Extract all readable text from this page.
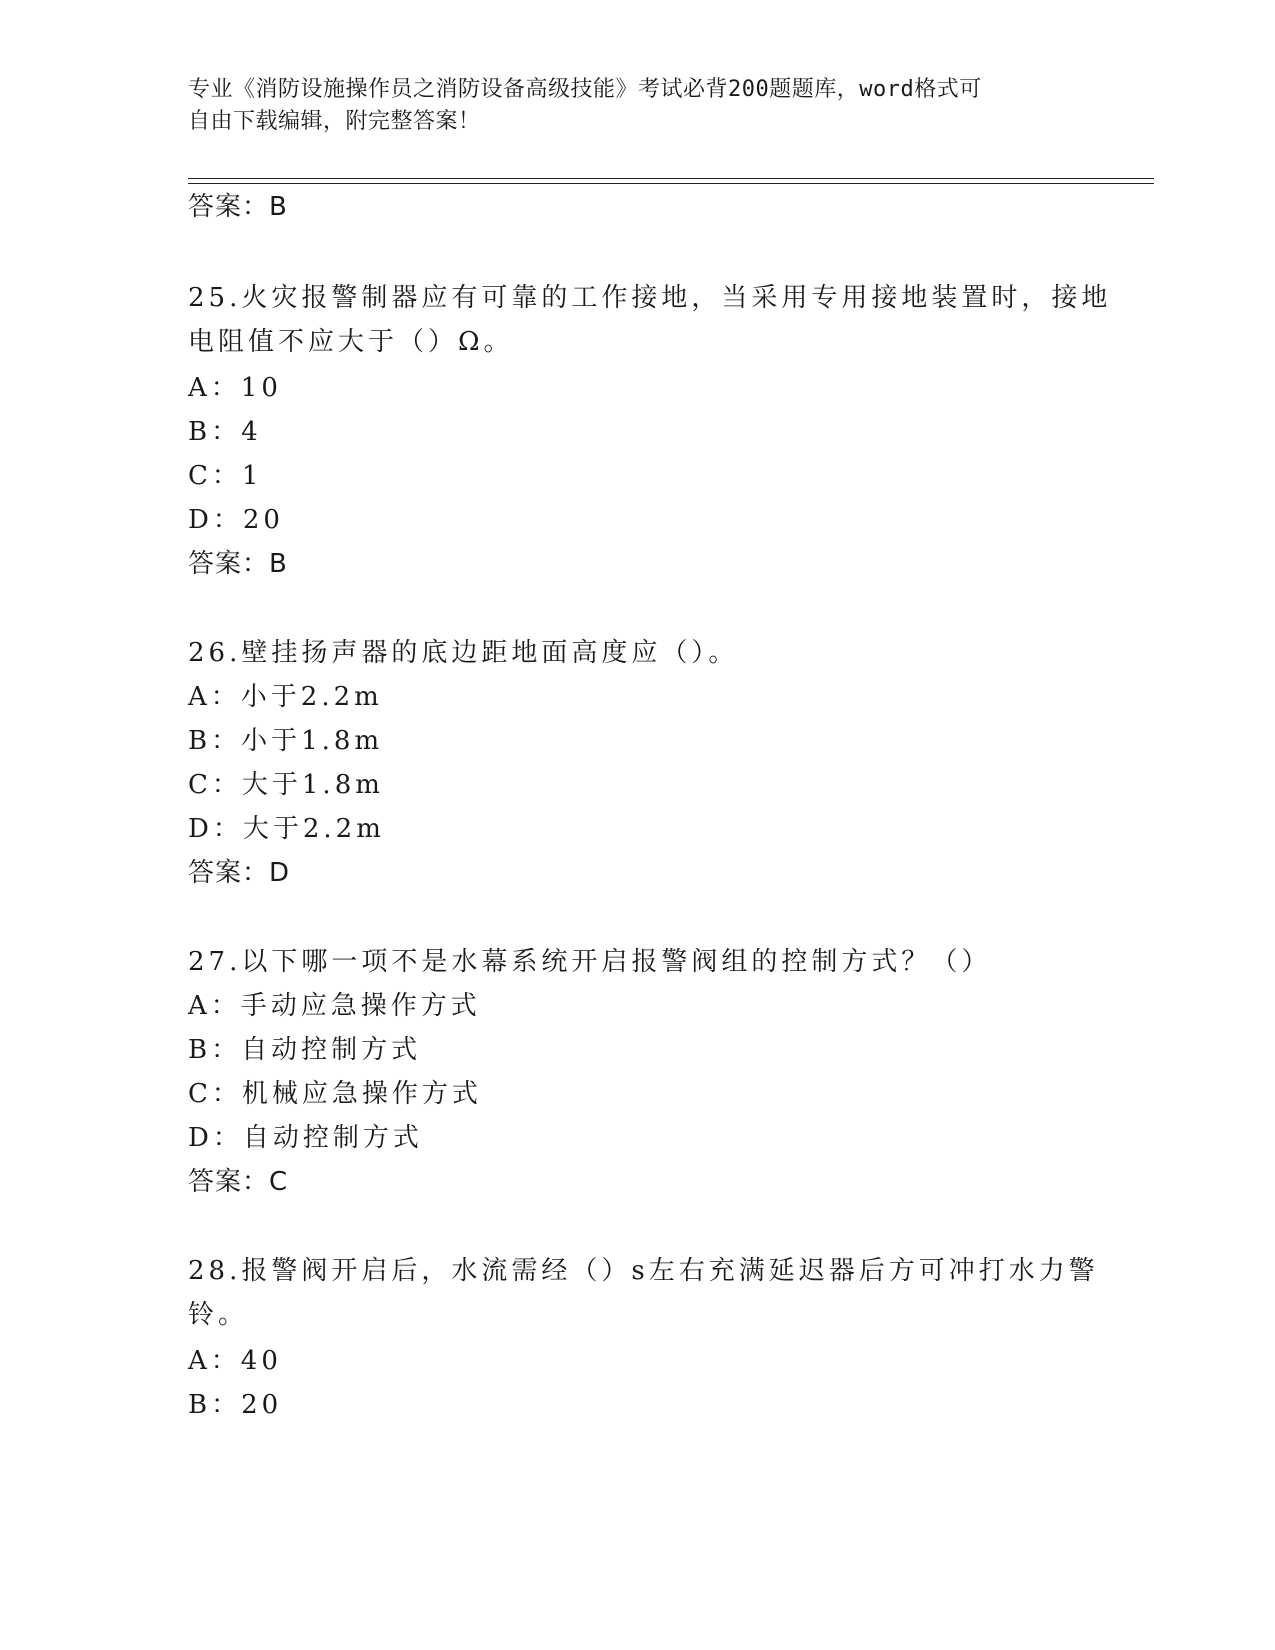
专业《消防设施操作员之消防设备高级技能》考试必背200题题库，word格式可
自由下载编辑，附完整答案！
答案：B
25.火灾报警制器应有可靠的工作接地，当采用专用接地装置时，接地
电阻值不应大于（）Ω。
A：10
B：4
C：1
D：20
答案：B
26.壁挂扬声器的底边距地面高度应（）。
A：小于2.2m
B：小于1.8m
C：大于1.8m
D：大于2.2m
答案：D
27.以下哪一项不是水幕系统开启报警阀组的控制方式？（）
A：手动应急操作方式
B：自动控制方式
C：机械应急操作方式
D：自动控制方式
答案：C
28.报警阀开启后，水流需经（）s左右充满延迟器后方可冲打水力警
铃。
A：40
B：20
